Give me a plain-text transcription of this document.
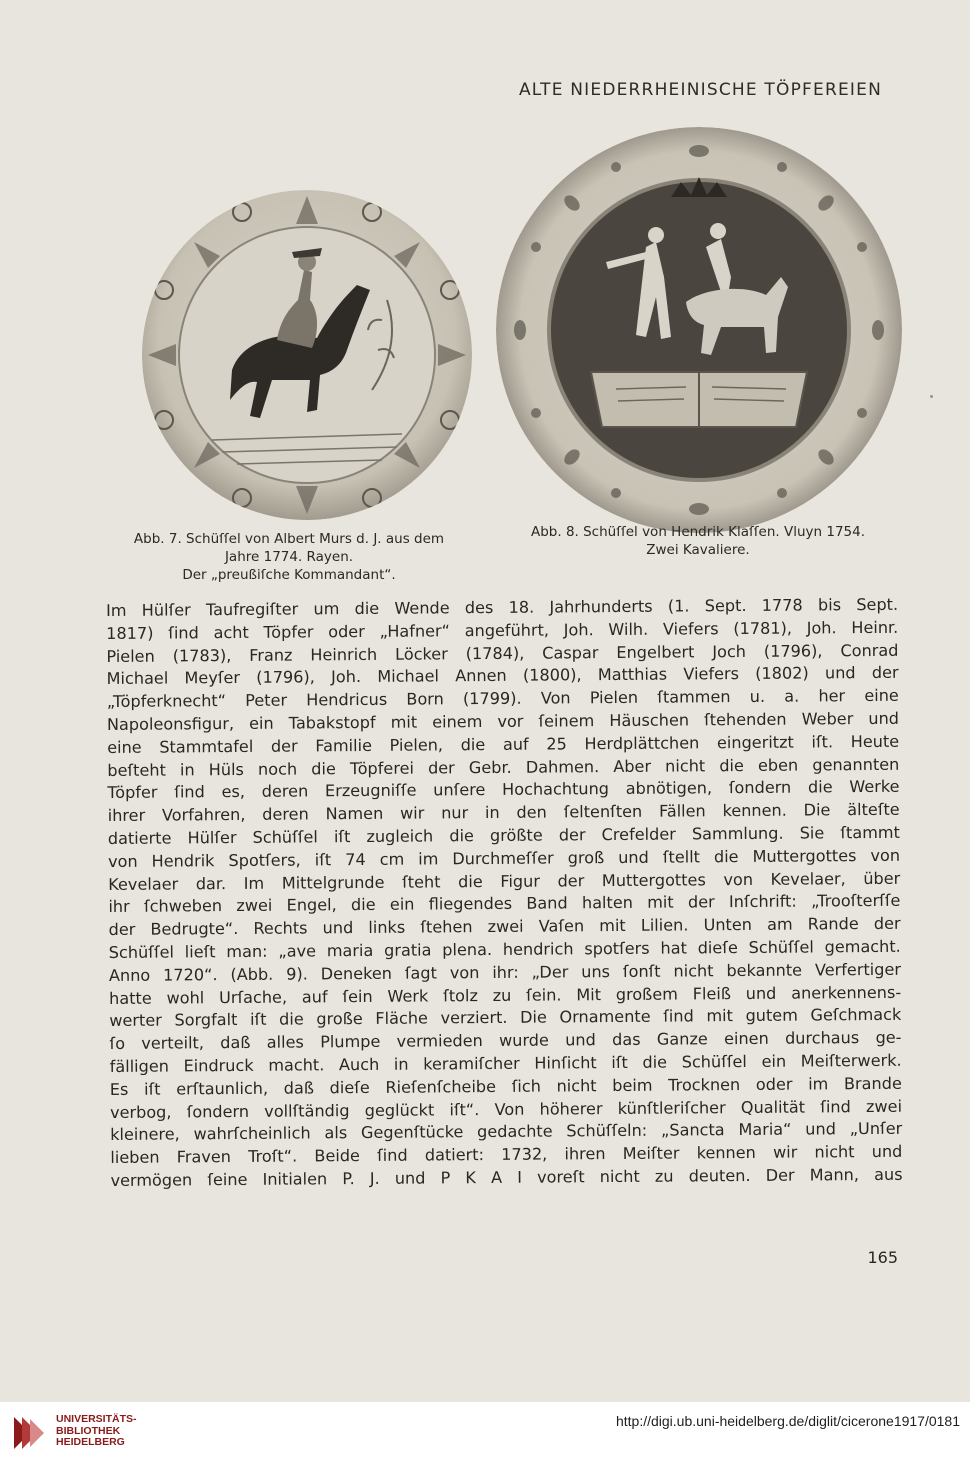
ALTE NIEDERRHEINISCHE TÖPFEREIEN
Abb. 7. Schüſſel von Albert Murs d. J. aus dem
Jahre 1774. Rayen.
Der „preußiſche Kommandant“.
Abb. 8. Schüſſel von Hendrik Klaſſen. Vluyn 1754.
Zwei Kavaliere.
Im Hülſer Taufregiſter um die Wende des 18. Jahrhunderts (1. Sept. 1778 bis Sept.
1817) ſind acht Töpfer oder „Hafner“ angeführt, Joh. Wilh. Viefers (1781), Joh. Heinr.
Pielen (1783), Franz Heinrich Löcker (1784), Caspar Engelbert Joch (1796), Conrad
Michael Meyſer (1796), Joh. Michael Annen (1800), Matthias Viefers (1802) und der
„Töpferknecht“ Peter Hendricus Born (1799). Von Pielen ſtammen u. a. her eine
Napoleonsfigur, ein Tabakstopf mit einem vor ſeinem Häuschen ſtehenden Weber und
eine Stammtafel der Familie Pielen, die auf 25 Herdplättchen eingeritzt iſt. Heute
beſteht in Hüls noch die Töpferei der Gebr. Dahmen. Aber nicht die eben genannten
Töpfer ſind es, deren Erzeugniſſe unſere Hochachtung abnötigen, ſondern die Werke
ihrer Vorfahren, deren Namen wir nur in den ſeltenſten Fällen kennen. Die älteſte
datierte Hülſer Schüſſel iſt zugleich die größte der Crefelder Sammlung. Sie ſtammt
von Hendrik Spotſers, iſt 74 cm im Durchmeſſer groß und ſtellt die Muttergottes von
Kevelaer dar. Im Mittelgrunde ſteht die Figur der Muttergottes von Kevelaer, über
ihr ſchweben zwei Engel, die ein fliegendes Band halten mit der Inſchrift: „Trooſterſſe
der Bedrugte“. Rechts und links ſtehen zwei Vaſen mit Lilien. Unten am Rande der
Schüſſel lieſt man: „ave maria gratia plena. hendrich spotſers hat dieſe Schüſſel gemacht.
Anno 1720“. (Abb. 9). Deneken ſagt von ihr: „Der uns ſonſt nicht bekannte Verfertiger
hatte wohl Urſache, auf ſein Werk ſtolz zu ſein. Mit großem Fleiß und anerkennens-
werter Sorgfalt iſt die große Fläche verziert. Die Ornamente ſind mit gutem Geſchmack
ſo verteilt, daß alles Plumpe vermieden wurde und das Ganze einen durchaus ge-
fälligen Eindruck macht. Auch in keramiſcher Hinſicht iſt die Schüſſel ein Meiſterwerk.
Es iſt erſtaunlich, daß dieſe Rieſenſcheibe ſich nicht beim Trocknen oder im Brande
verbog, ſondern vollſtändig geglückt iſt“. Von höherer künſtleriſcher Qualität ſind zwei
kleinere, wahrſcheinlich als Gegenſtücke gedachte Schüſſeln: „Sancta Maria“ und „Unſer
lieben Fraven Troſt“. Beide ſind datiert: 1732, ihren Meiſter kennen wir nicht und
vermögen ſeine Initialen P. J. und P K A I voreſt nicht zu deuten. Der Mann, aus
165
UNIVERSITÄTS-
BIBLIOTHEK
HEIDELBERG
http://digi.ub.uni-heidelberg.de/diglit/cicerone1917/0181
